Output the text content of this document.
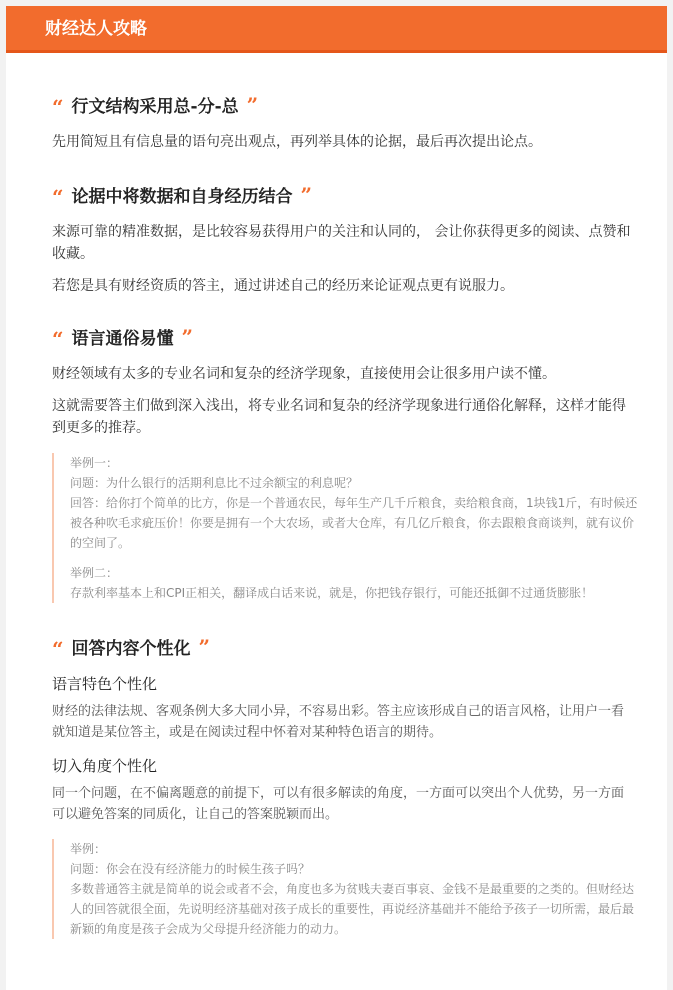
财经达人攻略
“ 行文结构采用总-分-总 ”

先用简短且有信息量的语句亮出观点，再列举具体的论据，最后再次提出论点。

“ 论据中将数据和自身经历结合 ”

来源可靠的精准数据，是比较容易获得用户的关注和认同的， 会让你获得更多的阅读、点赞和收藏。

若您是具有财经资质的答主，通过讲述自己的经历来论证观点更有说服力。

“ 语言通俗易懂 ”

财经领域有太多的专业名词和复杂的经济学现象，直接使用会让很多用户读不懂。

这就需要答主们做到深入浅出，将专业名词和复杂的经济学现象进行通俗化解释，这样才能得到更多的推荐。

举例一：
问题：为什么银行的活期利息比不过余额宝的利息呢？
回答：给你打个简单的比方，你是一个普通农民，每年生产几千斤粮食，卖给粮食商，1块钱1斤，有时候还被各种吹毛求疵压价！你要是拥有一个大农场，或者大仓库，有几亿斤粮食，你去跟粮食商谈判，就有议价的空间了。
举例二：
存款利率基本上和CPI正相关，翻译成白话来说，就是，你把钱存银行，可能还抵御不过通货膨胀！
“ 回答内容个性化 ”
语言特色个性化

财经的法律法规、客观条例大多大同小异，不容易出彩。答主应该形成自己的语言风格，让用户一看就知道是某位答主，或是在阅读过程中怀着对某种特色语言的期待。

切入角度个性化

同一个问题，在不偏离题意的前提下，可以有很多解读的角度，一方面可以突出个人优势，另一方面可以避免答案的同质化，让自己的答案脱颖而出。

举例：
问题：你会在没有经济能力的时候生孩子吗？
多数普通答主就是简单的说会或者不会，角度也多为贫贱夫妻百事哀、金钱不是最重要的之类的。但财经达人的回答就很全面，先说明经济基础对孩子成长的重要性，再说经济基础并不能给予孩子一切所需，最后最新颖的角度是孩子会成为父母提升经济能力的动力。
